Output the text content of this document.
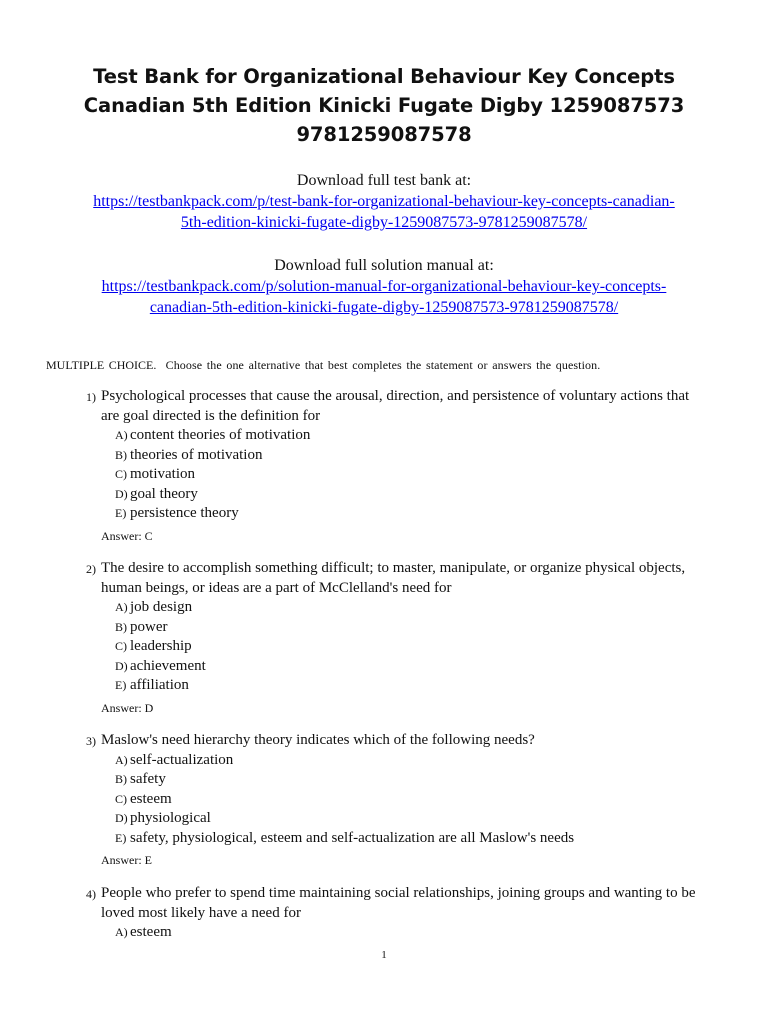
Test Bank for Organizational Behaviour Key Concepts
Canadian 5th Edition Kinicki Fugate Digby 1259087573
9781259087578
Download full test bank at:
https://testbankpack.com/p/test-bank-for-organizational-behaviour-key-concepts-canadian-
5th-edition-kinicki-fugate-digby-1259087573-9781259087578/
Download full solution manual at:
https://testbankpack.com/p/solution-manual-for-organizational-behaviour-key-concepts-
canadian-5th-edition-kinicki-fugate-digby-1259087573-9781259087578/
MULTIPLE CHOICE. Choose the one alternative that best completes the statement or answers the question.
1) Psychological processes that cause the arousal, direction, and persistence of voluntary actions that
are goal directed is the definition for
A) content theories of motivation
B) theories of motivation
C) motivation
D) goal theory
E) persistence theory
Answer: C
2) The desire to accomplish something difficult; to master, manipulate, or organize physical objects,
human beings, or ideas are a part of McClelland's need for
A) job design
B) power
C) leadership
D) achievement
E) affiliation
Answer: D
3) Maslow's need hierarchy theory indicates which of the following needs?
A) self-actualization
B) safety
C) esteem
D) physiological
E) safety, physiological, esteem and self-actualization are all Maslow's needs
Answer: E
4) People who prefer to spend time maintaining social relationships, joining groups and wanting to be
loved most likely have a need for
A) esteem
1
